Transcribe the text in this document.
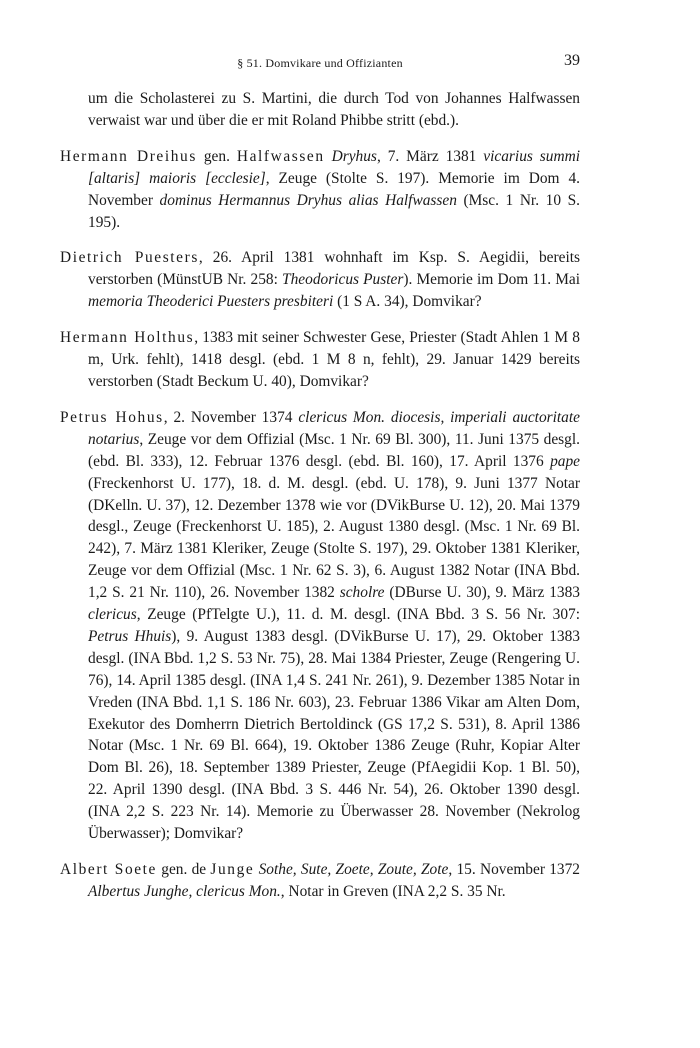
§ 51. Domvikare und Offizianten	39

um die Scholasterei zu S. Martini, die durch Tod von Johannes Halfwassen verwaist war und über die er mit Roland Phibbe stritt (ebd.).

Hermann Dreihus gen. Halfwassen Dryhus, 7. März 1381 vicarius summi [altaris] maioris [ecclesie], Zeuge (Stolte S. 197). Memorie im Dom 4. November dominus Hermannus Dryhus alias Halfwassen (Msc. 1 Nr. 10 S. 195).

Dietrich Puesters, 26. April 1381 wohnhaft im Ksp. S. Aegidii, bereits verstorben (MünstUB Nr. 258: Theodoricus Puster). Memorie im Dom 11. Mai memoria Theoderici Puesters presbiteri (1 S A. 34), Domvikar?

Hermann Holthus, 1383 mit seiner Schwester Gese, Priester (Stadt Ahlen 1 M 8 m, Urk. fehlt), 1418 desgl. (ebd. 1 M 8 n, fehlt), 29. Januar 1429 bereits verstorben (Stadt Beckum U. 40), Domvikar?

Petrus Hohus, 2. November 1374 clericus Mon. diocesis, imperiali auctoritate notarius, Zeuge vor dem Offizial (Msc. 1 Nr. 69 Bl. 300), 11. Juni 1375 desgl. (ebd. Bl. 333), 12. Februar 1376 desgl. (ebd. Bl. 160), 17. April 1376 pape (Freckenhorst U. 177), 18. d. M. desgl. (ebd. U. 178), 9. Juni 1377 Notar (DKelln. U. 37), 12. Dezember 1378 wie vor (DVikBurse U. 12), 20. Mai 1379 desgl., Zeuge (Freckenhorst U. 185), 2. August 1380 desgl. (Msc. 1 Nr. 69 Bl. 242), 7. März 1381 Kleriker, Zeuge (Stolte S. 197), 29. Oktober 1381 Kleriker, Zeuge vor dem Offizial (Msc. 1 Nr. 62 S. 3), 6. August 1382 Notar (INA Bbd. 1,2 S. 21 Nr. 110), 26. November 1382 scholre (DBurse U. 30), 9. März 1383 clericus, Zeuge (PfTelgte U.), 11. d. M. desgl. (INA Bbd. 3 S. 56 Nr. 307: Petrus Hhuis), 9. August 1383 desgl. (DVikBurse U. 17), 29. Oktober 1383 desgl. (INA Bbd. 1,2 S. 53 Nr. 75), 28. Mai 1384 Priester, Zeuge (Rengering U. 76), 14. April 1385 desgl. (INA 1,4 S. 241 Nr. 261), 9. Dezember 1385 Notar in Vreden (INA Bbd. 1,1 S. 186 Nr. 603), 23. Februar 1386 Vikar am Alten Dom, Exekutor des Domherrn Dietrich Bertoldinck (GS 17,2 S. 531), 8. April 1386 Notar (Msc. 1 Nr. 69 Bl. 664), 19. Oktober 1386 Zeuge (Ruhr, Kopiar Alter Dom Bl. 26), 18. September 1389 Priester, Zeuge (PfAegidii Kop. 1 Bl. 50), 22. April 1390 desgl. (INA Bbd. 3 S. 446 Nr. 54), 26. Oktober 1390 desgl. (INA 2,2 S. 223 Nr. 14). Memorie zu Überwasser 28. November (Nekrolog Überwasser); Domvikar?

Albert Soete gen. de Junge Sothe, Sute, Zoete, Zoute, Zote, 15. November 1372 Albertus Junghe, clericus Mon., Notar in Greven (INA 2,2 S. 35 Nr.
